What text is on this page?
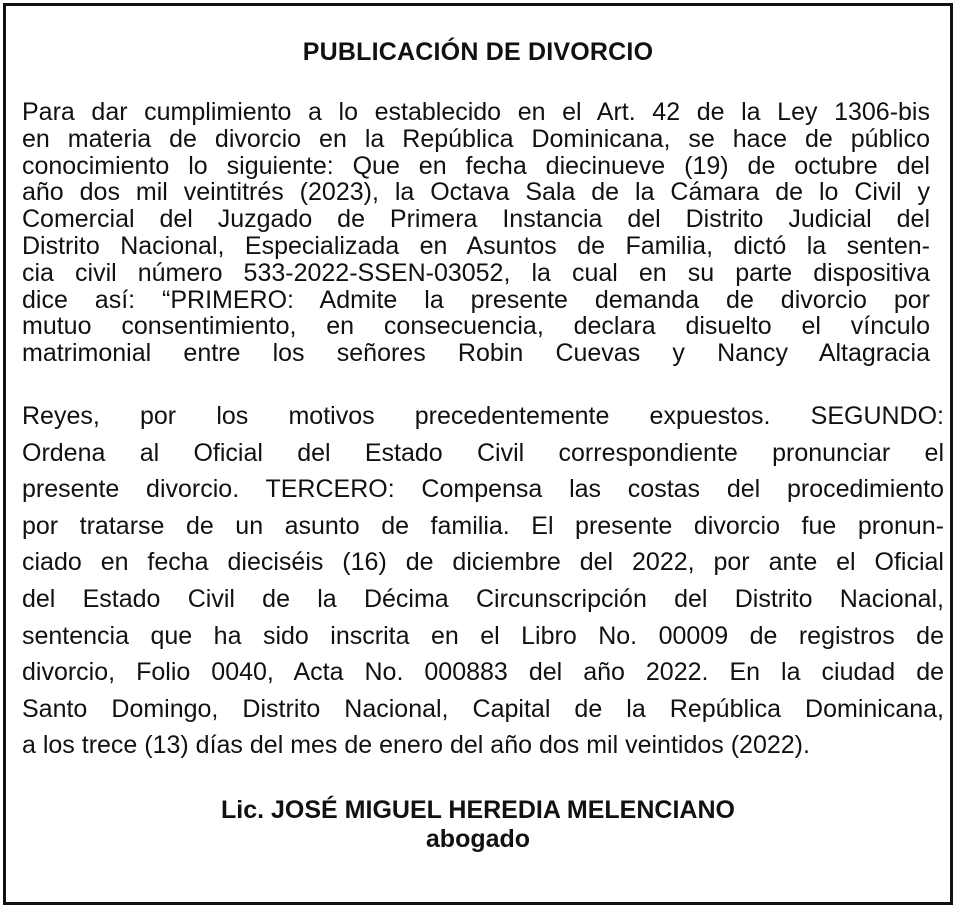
PUBLICACIÓN DE DIVORCIO
Para dar cumplimiento a lo establecido en el Art. 42 de la Ley 1306-bis
en materia de divorcio en la República Dominicana, se hace de público
conocimiento lo siguiente: Que en fecha diecinueve (19) de octubre del
año dos mil veintitrés (2023), la Octava Sala de la Cámara de lo Civil y
Comercial del Juzgado de Primera Instancia del Distrito Judicial del
Distrito Nacional, Especializada en Asuntos de Familia, dictó la senten-
cia civil número 533-2022-SSEN-03052, la cual en su parte dispositiva
dice así: “PRIMERO: Admite la presente demanda de divorcio por
mutuo consentimiento, en consecuencia, declara disuelto el vínculo
matrimonial entre los señores Robin Cuevas y Nancy Altagracia
Reyes, por los motivos precedentemente expuestos. SEGUNDO:
Ordena al Oficial del Estado Civil correspondiente pronunciar el
presente divorcio. TERCERO: Compensa las costas del procedimiento
por tratarse de un asunto de familia. El presente divorcio fue pronun-
ciado en fecha dieciséis (16) de diciembre del 2022, por ante el Oficial
del Estado Civil de la Décima Circunscripción del Distrito Nacional,
sentencia que ha sido inscrita en el Libro No. 00009 de registros de
divorcio, Folio 0040, Acta No. 000883 del año 2022. En la ciudad de
Santo Domingo, Distrito Nacional, Capital de la República Dominicana,
a los trece (13) días del mes de enero del año dos mil veintidos (2022).
Lic. JOSÉ MIGUEL HEREDIA MELENCIANO
abogado
